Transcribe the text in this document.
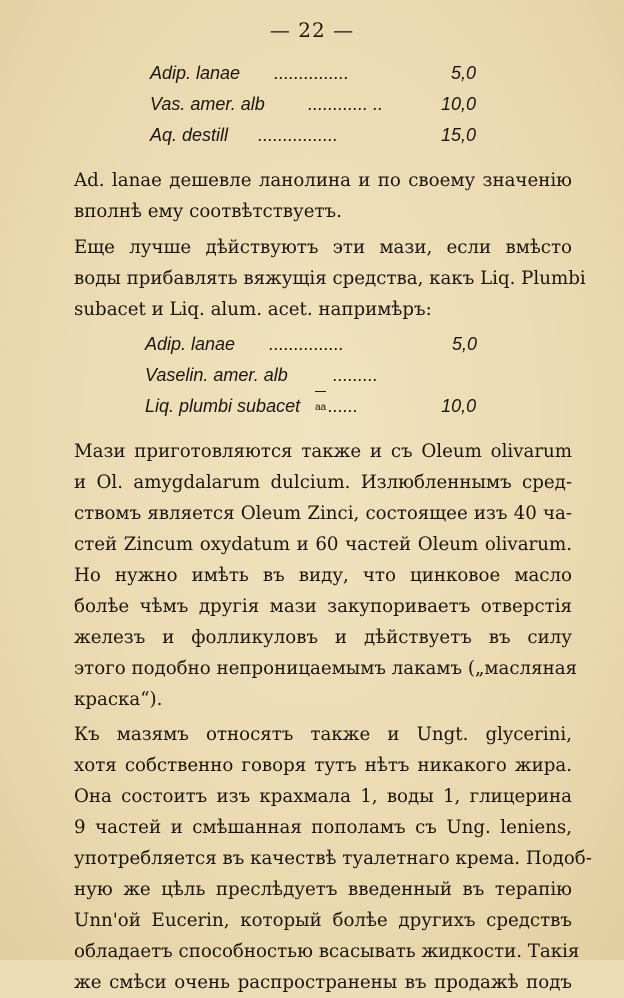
— 22 —
Adip. lanae	...............	5,0
Vas. amer. alb	............ ..	10,0
Aq. destill	................	15,0
Ad. lanae дешевле ланолина и по своему значенію
вполнѣ ему соотвѣтствуетъ.
Еще лучше дѣйствуютъ эти мази, если вмѣсто
воды прибавлять вяжущія средства, какъ Liq. Plumbi
subacet и Liq. alum. acet. напримѣръ:
Adip. lanae	...............	5,0
Vaselin. amer. alb	.........
Liq. plumbi subacet	aa ......	10,0
Мази приготовляются также и съ Oleum olivarum
и Ol. amygdalarum dulcium. Излюбленнымъ сред-
ствомъ является Oleum Zinci, состоящее изъ 40 ча-
стей Zincum oxydatum и 60 частей Oleum olivarum.
Но нужно имѣть въ виду, что цинковое масло
болѣе чѣмъ другія мази закупориваетъ отверстія
железъ и фолликуловъ и дѣйствуетъ въ силу
этого подобно непроницаемымъ лакамъ („масляная
краска“).
Къ мазямъ относятъ также и Ungt. glycerini,
хотя собственно говоря тутъ нѣтъ никакого жира.
Она состоитъ изъ крахмала 1, воды 1, глицерина
9 частей и смѣшанная пополамъ съ Ung. leniens,
употребляется въ качествѣ туалетнаго крема. Подоб-
ную же цѣль преслѣдуетъ введенный въ терапію
Unn'ой Eucerin, который болѣе другихъ средствъ
обладаетъ способностью всасывать жидкости. Такія
же смѣси очень распространены въ продажѣ подъ
